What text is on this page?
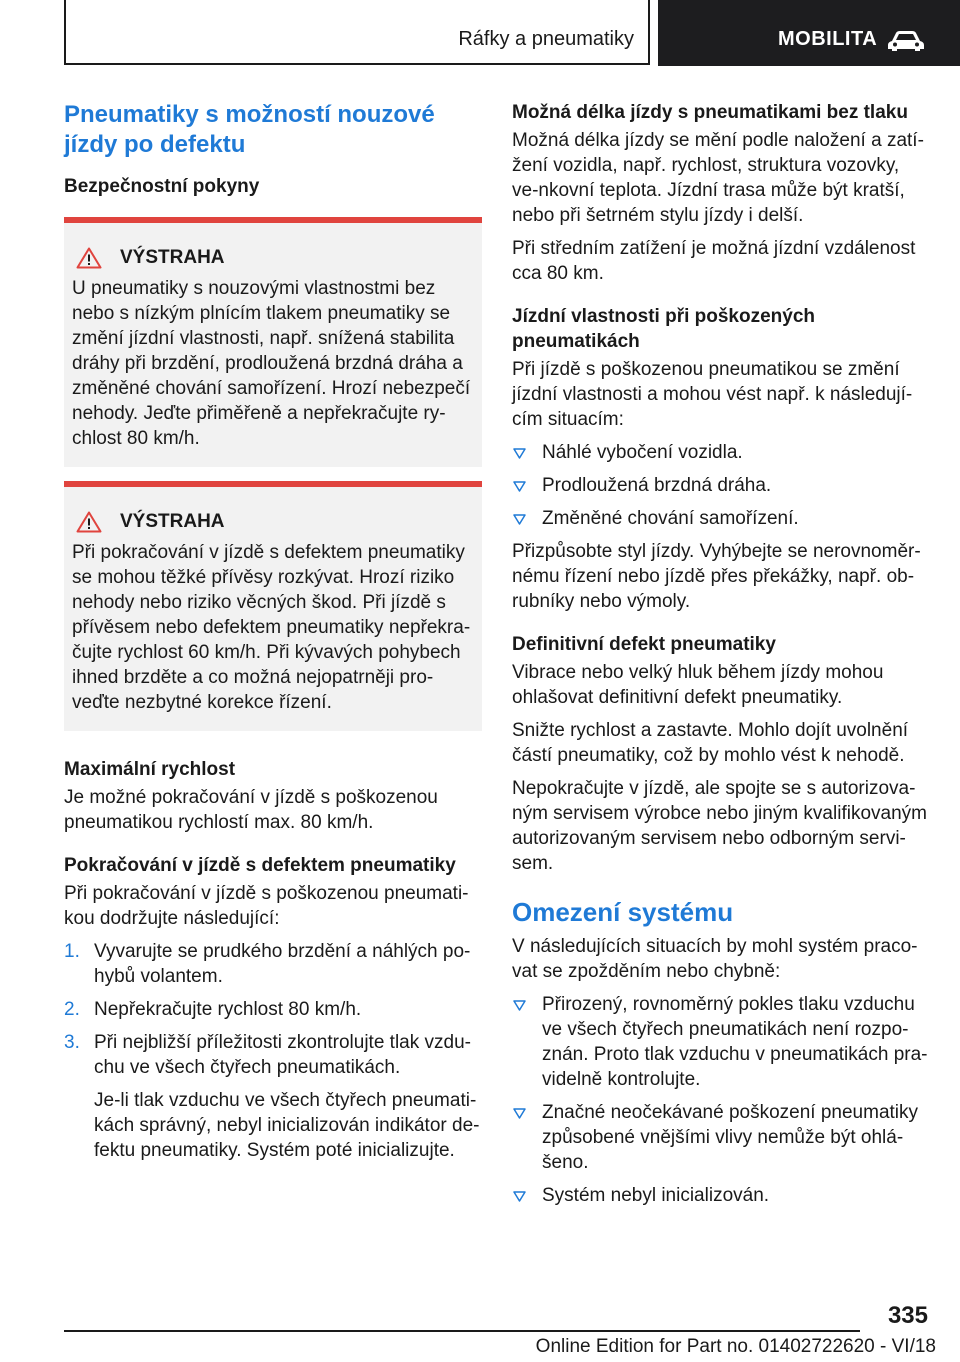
Ráfky a pneumatiky	MOBILITA
Pneumatiky s možností nouzové jízdy po defektu
Bezpečnostní pokyny
VÝSTRAHA

U pneumatiky s nouzovými vlastnostmi bez nebo s nízkým plnícím tlakem pneumatiky se změní jízdní vlastnosti, např. snížená stabilita dráhy při brzdění, prodloužená brzdná dráha a změněné chování samořízení. Hrozí nebezpečí nehody. Jeďte přiměřeně a nepřekračujte ry‐chlost 80 km/h.

VÝSTRAHA

Při pokračování v jízdě s defektem pneumatiky se mohou těžké přívěsy rozkývat. Hrozí riziko nehody nebo riziko věcných škod. Při jízdě s přívěsem nebo defektem pneumatiky nepřekra‐čujte rychlost 60 km/h. Při kývavých pohybech ihned brzděte a co možná nejopatrněji pro‐veďte nezbytné korekce řízení.

Maximální rychlost

Je možné pokračování v jízdě s poškozenou pneumatikou rychlostí max. 80 km/h.

Pokračování v jízdě s defektem pneumatiky

Při pokračování v jízdě s poškozenou pneumati‐kou dodržujte následující:

1. Vyvarujte se prudkého brzdění a náhlých po‐hybů volantem.
2. Nepřekračujte rychlost 80 km/h.
3. Při nejbližší příležitosti zkontrolujte tlak vzdu‐chu ve všech čtyřech pneumatikách.

Je-li tlak vzduchu ve všech čtyřech pneumati‐kách správný, nebyl inicializován indikátor de‐fektu pneumatiky. Systém poté inicializujte.

Možná délka jízdy s pneumatikami bez tlaku

Možná délka jízdy se mění podle naložení a zatí‐žení vozidla, např. rychlost, struktura vozovky, ve‐nkovní teplota. Jízdní trasa může být kratší, nebo při šetrném stylu jízdy i delší.

Při středním zatížení je možná jízdní vzdálenost cca 80 km.

Jízdní vlastnosti při poškozených pneumatikách

Při jízdě s poškozenou pneumatikou se změní jízdní vlastnosti a mohou vést např. k následují‐cím situacím:

Náhlé vybočení vozidla.
Prodloužená brzdná dráha.
Změněné chování samořízení.

Přizpůsobte styl jízdy. Vyhýbejte se nerovnoměr‐nému řízení nebo jízdě přes překážky, např. ob‐rubníky nebo výmoly.

Definitivní defekt pneumatiky

Vibrace nebo velký hluk během jízdy mohou ohlašovat definitivní defekt pneumatiky.

Snižte rychlost a zastavte. Mohlo dojít uvolnění částí pneumatiky, což by mohlo vést k nehodě.

Nepokračujte v jízdě, ale spojte se s autorizova‐ným servisem výrobce nebo jiným kvalifikovaným autorizovaným servisem nebo odborným servi‐sem.

Omezení systému

V následujících situacích by mohl systém praco‐vat se zpožděním nebo chybně:

Přirozený, rovnoměrný pokles tlaku vzduchu ve všech čtyřech pneumatikách není rozpo‐znán. Proto tlak vzduchu v pneumatikách pra‐videlně kontrolujte.
Značné neočekávané poškození pneumatiky způsobené vnějšími vlivy nemůže být ohlá‐šeno.
Systém nebyl inicializován.
335
Online Edition for Part no. 01402722620 - VI/18
